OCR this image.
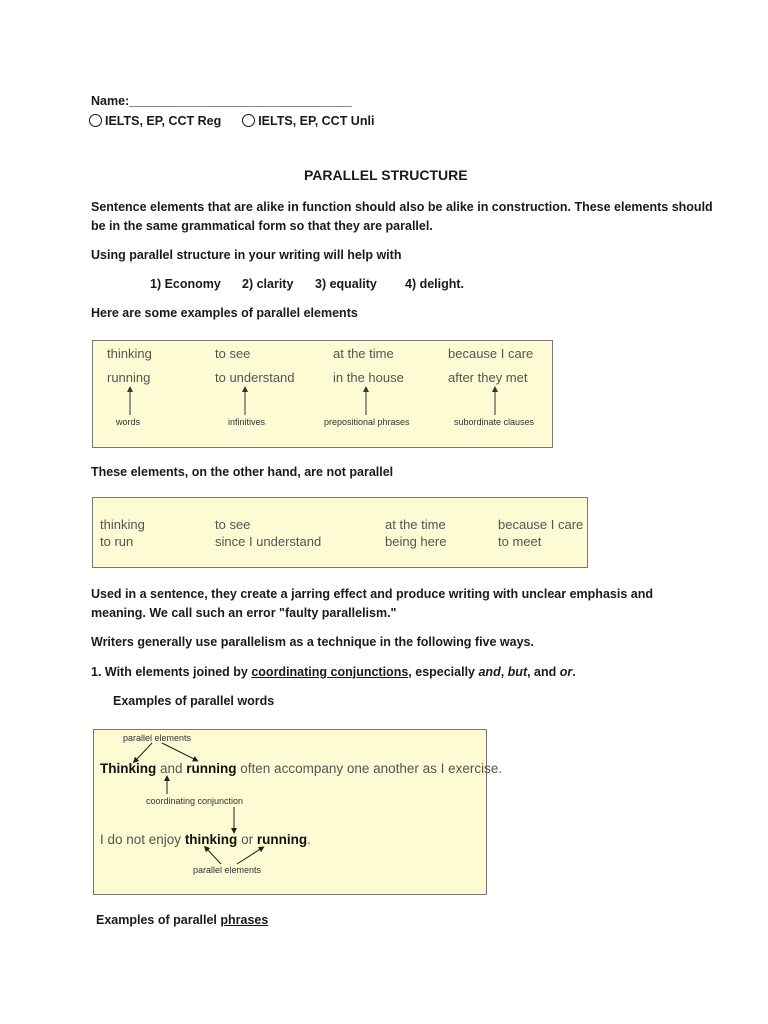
Name:________________________________
IELTS, EP, CCT Reg	IELTS, EP, CCT Unli
PARALLEL STRUCTURE
Sentence elements that are alike in function should also be alike in construction. These elements should
be in the same grammatical form so that they are parallel.
Using parallel structure in your writing will help with
1) Economy 2) clarity 3) equality 4) delight.
Here are some examples of parallel elements
thinking	to see	at the time	because I care
running	to understand	in the house	after they met
words	infinitives	prepositional phrases	subordinate clauses
These elements, on the other hand, are not parallel
thinking	to see	at the time	because I care
to run	since I understand	being here	to meet
Used in a sentence, they create a jarring effect and produce writing with unclear emphasis and
meaning. We call such an error "faulty parallelism."
Writers generally use parallelism as a technique in the following five ways.
1. With elements joined by coordinating conjunctions, especially and, but, and or.
Examples of parallel words
parallel elements
Thinking and running often accompany one another as I exercise.
coordinating conjunction
I do not enjoy thinking or running.
parallel elements
Examples of parallel phrases
